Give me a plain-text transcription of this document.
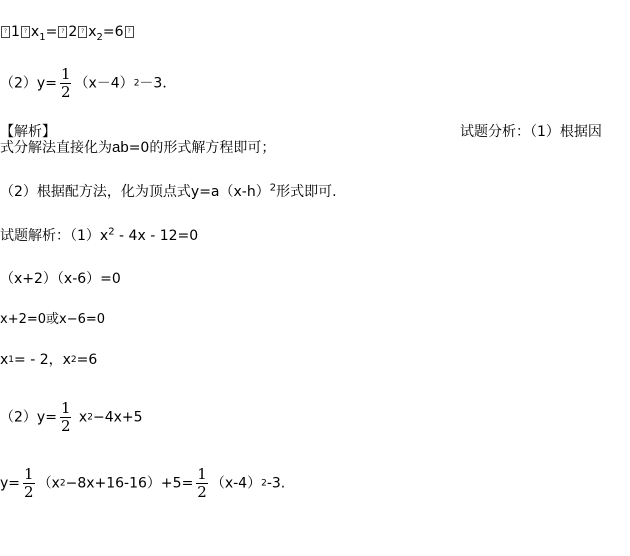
? 1 ? $x_1=$ ? 2 ? $x_2=6$ ?
$(2)y= \frac{1}{2} (x-4)2-3$．
【解析】	试题分析：（1）根据因
式分解法直接化为ab=0的形式解方程即可；
（2）根据配方法，化为顶点式$y=a(x-h)^2$形式即可.
试题解析：$(1)x^2 - 4x - 12=0$
（x+2）（x-6）=0
x+2=0或x−6=0
x1= - 2，x2=6
$(2)y= \frac{1}{2} x2-4x+5$
$y= \frac{1}{2} (x2-8x+16-16)+5= \frac{1}{2} (x-4)2-3$.
